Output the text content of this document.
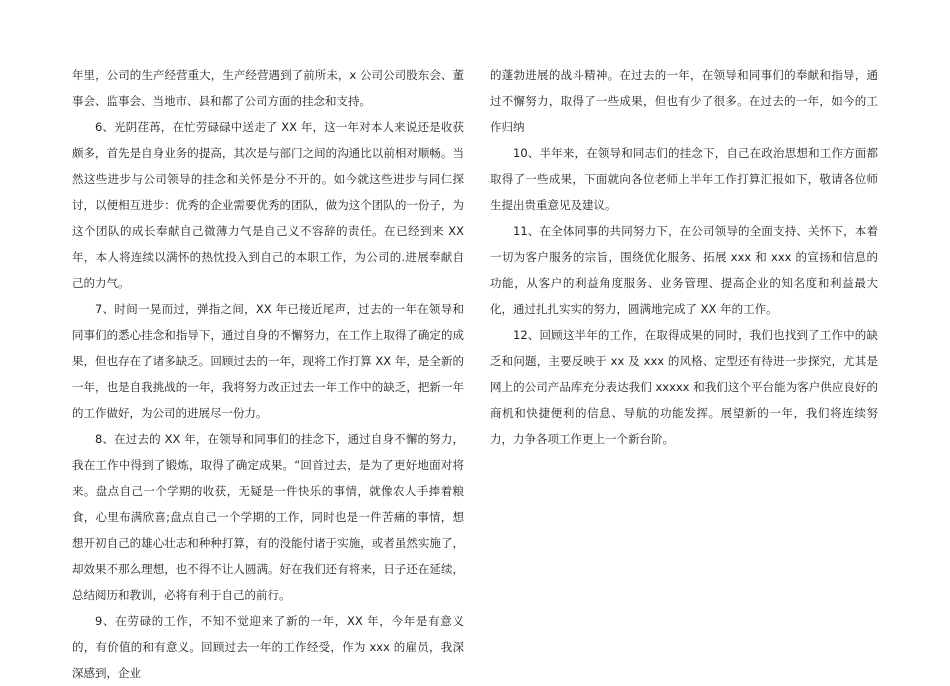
年里，公司的生产经营重大，生产经营遇到了前所未，x 公司公司股东会、董事会、监事会、当地市、县和都了公司方面的挂念和支持。

6、光阴荏苒，在忙劳碌碌中送走了 XX 年，这一年对本人来说还是收获颇多，首先是自身业务的提高，其次是与部门之间的沟通比以前相对顺畅。当然这些进步与公司领导的挂念和关怀是分不开的。如今就这些进步与同仁探讨，以便相互进步：优秀的企业需要优秀的团队，做为这个团队的一份子，为这个团队的成长奉献自己微薄力气是自己义不容辞的责任。在已经到来 XX 年，本人将连续以满怀的热忱投入到自己的本职工作，为公司的.进展奉献自己的力气。

7、时间一晃而过，弹指之间，XX 年已接近尾声，过去的一年在领导和同事们的悉心挂念和指导下，通过自身的不懈努力，在工作上取得了确定的成果，但也存在了诸多缺乏。回顾过去的一年，现将工作打算 XX 年，是全新的一年，也是自我挑战的一年，我将努力改正过去一年工作中的缺乏，把新一年的工作做好，为公司的进展尽一份力。

8、在过去的 XX 年，在领导和同事们的挂念下，通过自身不懈的努力，我在工作中得到了锻炼，取得了确定成果。“回首过去，是为了更好地面对将来。盘点自己一个学期的收获，无疑是一件快乐的事情，就像农人手捧着粮食，心里布满欣喜;盘点自己一个学期的工作，同时也是一件苦痛的事情，想想开初自己的雄心壮志和种种打算，有的没能付诸于实施，或者虽然实施了，却效果不那么理想，也不得不让人圆满。好在我们还有将来，日子还在延续，总结阅历和教训，必将有利于自己的前行。

9、在劳碌的工作，不知不觉迎来了新的一年，XX 年，今年是有意义的，有价值的和有意义。回顾过去一年的工作经受，作为 xxx 的雇员，我深深感到，企业

的蓬勃进展的战斗精神。在过去的一年，在领导和同事们的奉献和指导，通过不懈努力，取得了一些成果，但也有少了很多。在过去的一年，如今的工作归纳

10、半年来，在领导和同志们的挂念下，自己在政治思想和工作方面都取得了一些成果，下面就向各位老师上半年工作打算汇报如下，敬请各位师生提出贵重意见及建议。

11、在全体同事的共同努力下，在公司领导的全面支持、关怀下，本着一切为客户服务的宗旨，围绕优化服务、拓展 xxx 和 xxx 的宣扬和信息的功能，从客户的利益角度服务、业务管理、提高企业的知名度和利益最大化，通过扎扎实实的努力，圆满地完成了 XX 年的工作。

12、回顾这半年的工作，在取得成果的同时，我们也找到了工作中的缺乏和问题，主要反映于 xx 及 xxx 的风格、定型还有待进一步探究，尤其是网上的公司产品库充分表达我们 xxxxx 和我们这个平台能为客户供应良好的商机和快捷便利的信息、导航的功能发挥。展望新的一年，我们将连续努力，力争各项工作更上一个新台阶。
